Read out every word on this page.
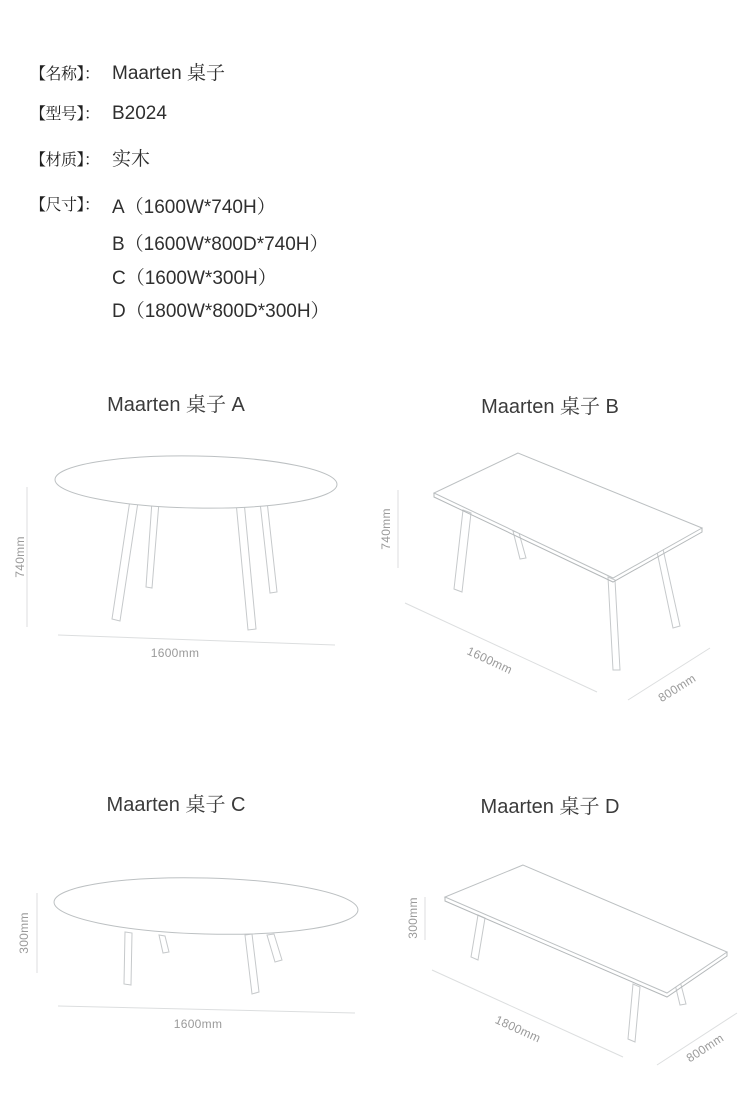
【名称】： Maarten 桌子
【型号】： B2024
【材质】： 实木
【尺寸】： A（1600W*740H）
B（1600W*800D*740H）
C（1600W*300H）
D（1800W*800D*300H）
Maarten 桌子 A	Maarten 桌子 B
Maarten 桌子 C	Maarten 桌子 D
740mm
1600mm
740mm
1600mm
800mm
300mm
1600mm
300mm
1800mm
800mm
